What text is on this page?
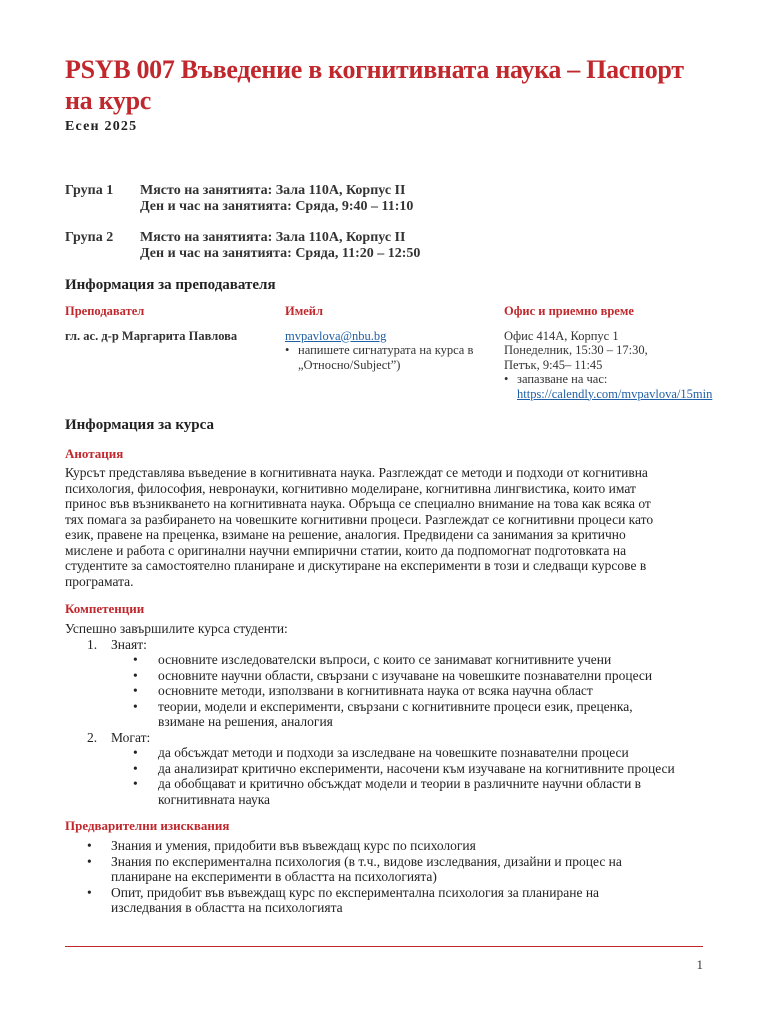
PSYB 007 Въведение в когнитивната наука – Паспорт на курс
Есен 2025
Група 1	Място на занятията: Зала 110А, Корпус II
Ден и час на занятията: Сряда, 9:40 – 11:10
Група 2	Място на занятията: Зала 110А, Корпус II
Ден и час на занятията: Сряда, 11:20 – 12:50
Информация за преподавателя
Преподавател
гл. ас. д-р Маргарита Павлова
Имейл
mvpavlova@nbu.bg
• напишете сигнатурата на курса в „Относно/Subject”)
Офис и приемно време
Офис 414А, Корпус 1
Понеделник, 15:30 – 17:30,
Петък, 9:45– 11:45
• запазване на час:
https://calendly.com/mvpavlova/15min
Информация за курса
Анотация
Курсът представлява въведение в когнитивната наука. Разглеждат се методи и подходи от когнитивна
психология, философия, невронауки, когнитивно моделиране, когнитивна лингвистика, които имат
принос във възникването на когнитивната наука. Обръща се специално внимание на това как всяка от
тях помага за разбирането на човешките когнитивни процеси. Разглеждат се когнитивни процеси като
език, правене на преценка, взимане на решение, аналогия. Предвидени са занимания за критично
мислене и работа с оригинални научни емпирични статии, които да подпомогнат подготовката на
студентите за самостоятелно планиране и дискутиране на експерименти в този и следващи курсове в
програмата.
Компетенции
Успешно завършилите курса студенти:
1. Знаят:
• основните изследователски въпроси, с които се занимават когнитивните учени
• основните научни области, свързани с изучаване на човешките познавателни процеси
• основните методи, използвани в когнитивната наука от всяка научна област
• теории, модели и експерименти, свързани с когнитивните процеси език, преценка,
взимане на решения, аналогия
2. Могат:
• да обсъждат методи и подходи за изследване на човешките познавателни процеси
• да анализират критично експерименти, насочени към изучаване на когнитивните процеси
• да обобщават и критично обсъждат модели и теории в различните научни области в
когнитивната наука
Предварителни изисквания
• Знания и умения, придобити във въвеждащ курс по психология
• Знания по експериментална психология (в т.ч., видове изследвания, дизайни и процес на
планиране на експерименти в областта на психологията)
• Опит, придобит във въвеждащ курс по експериментална психология за планиране на
изследвания в областта на психологията
1
